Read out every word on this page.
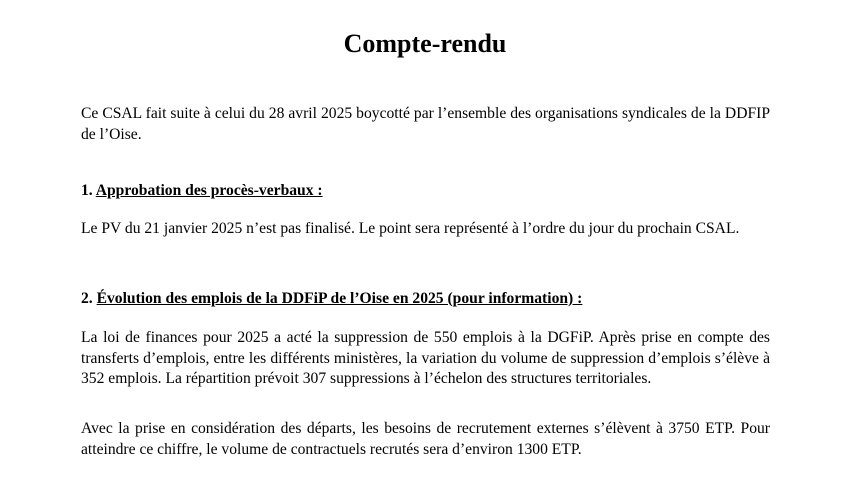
Compte-rendu
Ce CSAL fait suite à celui du 28 avril 2025 boycotté par l’ensemble des organisations syndicales de la DDFIP de l’Oise.
1. Approbation des procès-verbaux :
Le PV du 21 janvier 2025 n’est pas finalisé. Le point sera représenté à l’ordre du jour du prochain CSAL.
2. Évolution des emplois de la DDFiP de l’Oise en 2025 (pour information) :
La loi de finances pour 2025 a acté la suppression de 550 emplois à la DGFiP. Après prise en compte des transferts d’emplois, entre les différents ministères, la variation du volume de suppression d’emplois s’élève à 352 emplois. La répartition prévoit 307 suppressions à l’échelon des structures territoriales.
Avec la prise en considération des départs, les besoins de recrutement externes s’élèvent à 3750 ETP. Pour atteindre ce chiffre, le volume de contractuels recrutés sera d’environ 1300 ETP.
